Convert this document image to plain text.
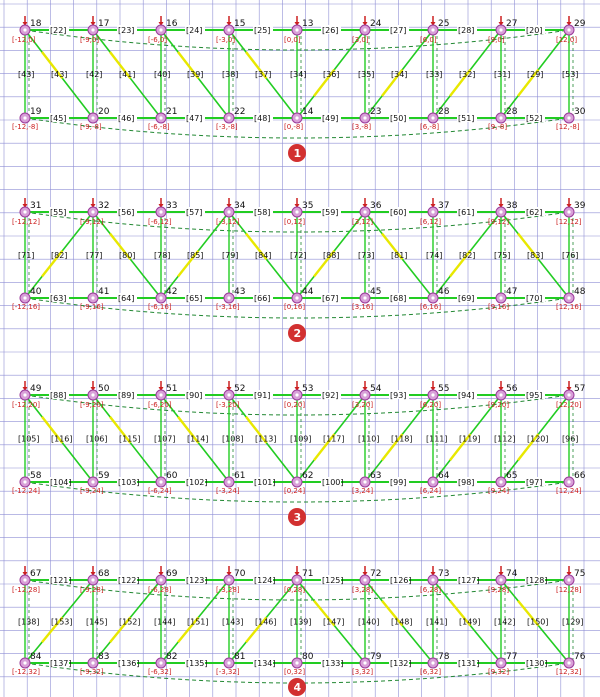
[43]	[41]	[39]	[37]	[36]	[34]	[32]	[29]
[43]	[42]	[40]	[38]	[34]	[35]	[33]	[31]	[53]
[22]
[45]
[23]
[46]
[24]
[47]
[25]
[48]
[26]
[49]
[27]
[50]
[28]
[51]
[20]
[52]
18
19
[-12,0]
[-12,-8]
17
20
[-9,0]
[-9,-8]
16
21
[-6,0]
[-6,-8]
15
22
[-3,0]
[-3,-8]
13
14
[0,0]
[0,-8]
24
23
[3,0]
[3,-8]
25
28
[6,0]
[6,-8]
27
28
[9,0]
[9,-8]
29
30
[12,0]
[12,-8]
1
[82]	[80]	[85]	[84]	[88]	[81]	[82]	[83]
[71]	[77]	[78]	[79]	[72]	[73]	[74]	[75]	[76]
[55]
[63]
[56]
[64]
[57]
[65]
[58]
[66]
[59]
[67]
[60]
[68]
[61]
[69]
[62]
[70]
31
40
[-12,12]
[-12,16]
32
41
[-9,12]
[-9,16]
33
42
[-6,12]
[-6,16]
34
43
[-3,12]
[-3,16]
35
44
[0,12]
[0,16]
36
45
[3,12]
[3,16]
37
46
[6,12]
[6,16]
38
47
[9,12]
[9,16]
39
48
[12,12]
[12,16]
2
[116]	[115]	[114]	[113]	[117]	[118]	[119]	[120]
[105]	[106]	[107]	[108]	[109]	[110]	[111]	[112]	[96]
[88]
[104]
[89]
[103]
[90]
[102]
[91]
[101]
[92]
[100]
[93]
[99]
[94]
[98]
[95]
[97]
49
58
[-12,20]
[-12,24]
50
59
[-9,20]
[-9,24]
51
60
[-6,20]
[-6,24]
52
61
[-3,20]
[-3,24]
53
62
[0,20]
[0,24]
54
63
[3,20]
[3,24]
55
64
[6,20]
[6,24]
56
65
[9,20]
[9,24]
57
66
[12,20]
[12,24]
3
[153]	[152]	[151]	[146]	[147]	[148]	[149]	[150]
[138]	[145]	[144]	[143]	[139]	[140]	[141]	[142]	[129]
[121]
[137]
[122]
[136]
[123]
[135]
[124]
[134]
[125]
[133]
[126]
[132]
[127]
[131]
[128]
[130]
67
84
[-12,28]
[-12,32]
68
83
[-9,28]
[-9,32]
69
82
[-6,28]
[-6,32]
70
81
[-3,28]
[-3,32]
71
80
[0,28]
[0,32]
72
79
[3,28]
[3,32]
73
78
[6,28]
[6,32]
74
77
[9,28]
[9,32]
75
76
[12,28]
[12,32]
4
